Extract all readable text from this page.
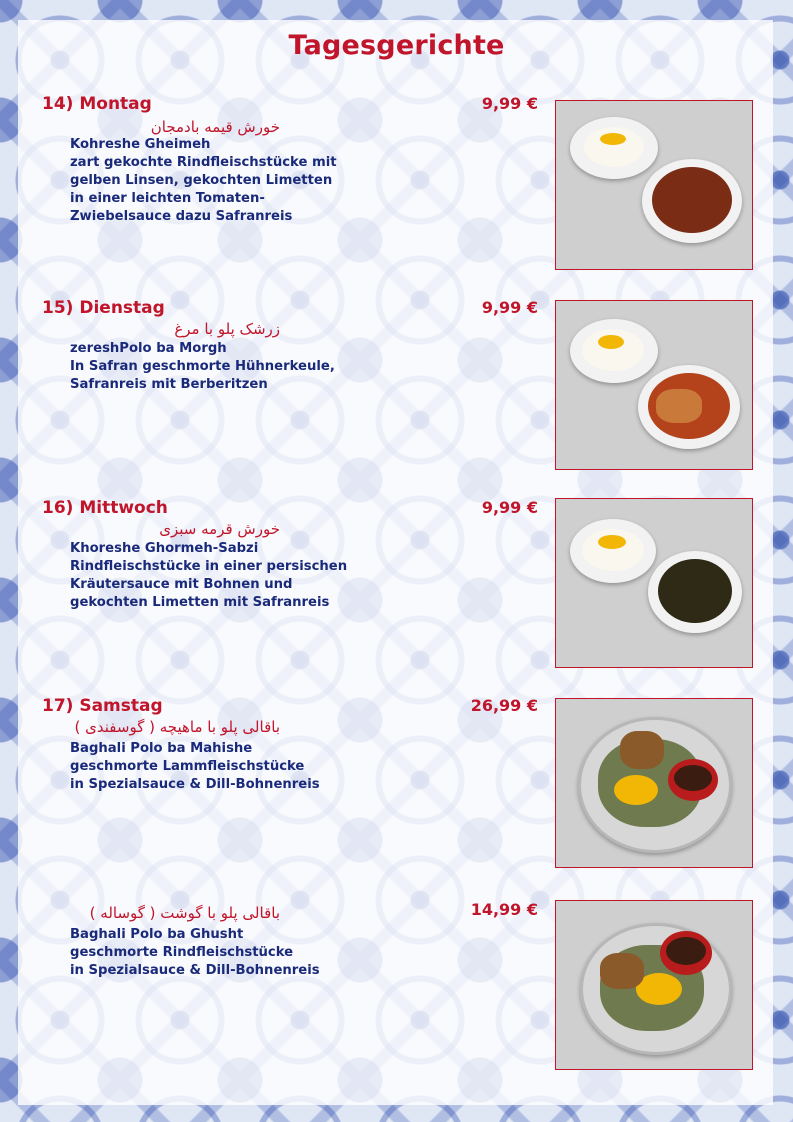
Tagesgerichte
14) Montag	9,99 €
خورش قیمه بادمجان
Kohreshe Gheimeh
zart gekochte Rindfleischstücke mit
gelben Linsen, gekochten Limetten
in einer leichten Tomaten-
Zwiebelsauce dazu Safranreis
15) Dienstag	9,99 €
زرشک پلو با مرغ
zereshPolo ba Morgh
In Safran geschmorte Hühnerkeule,
Safranreis mit Berberitzen
16) Mittwoch	9,99 €
خورش قرمه سبزی
Khoreshe Ghormeh-Sabzi
Rindfleischstücke in einer persischen
Kräutersauce mit Bohnen und
gekochten Limetten mit Safranreis
17) Samstag	26,99 €
باقالی پلو با ماهیچه ( گوسفندی )
Baghali Polo ba Mahishe
geschmorte Lammfleischstücke
in Spezialsauce & Dill-Bohnenreis
14,99 €
باقالی پلو با گوشت ( گوساله )
Baghali Polo ba Ghusht
geschmorte Rindfleischstücke
in Spezialsauce & Dill-Bohnenreis
